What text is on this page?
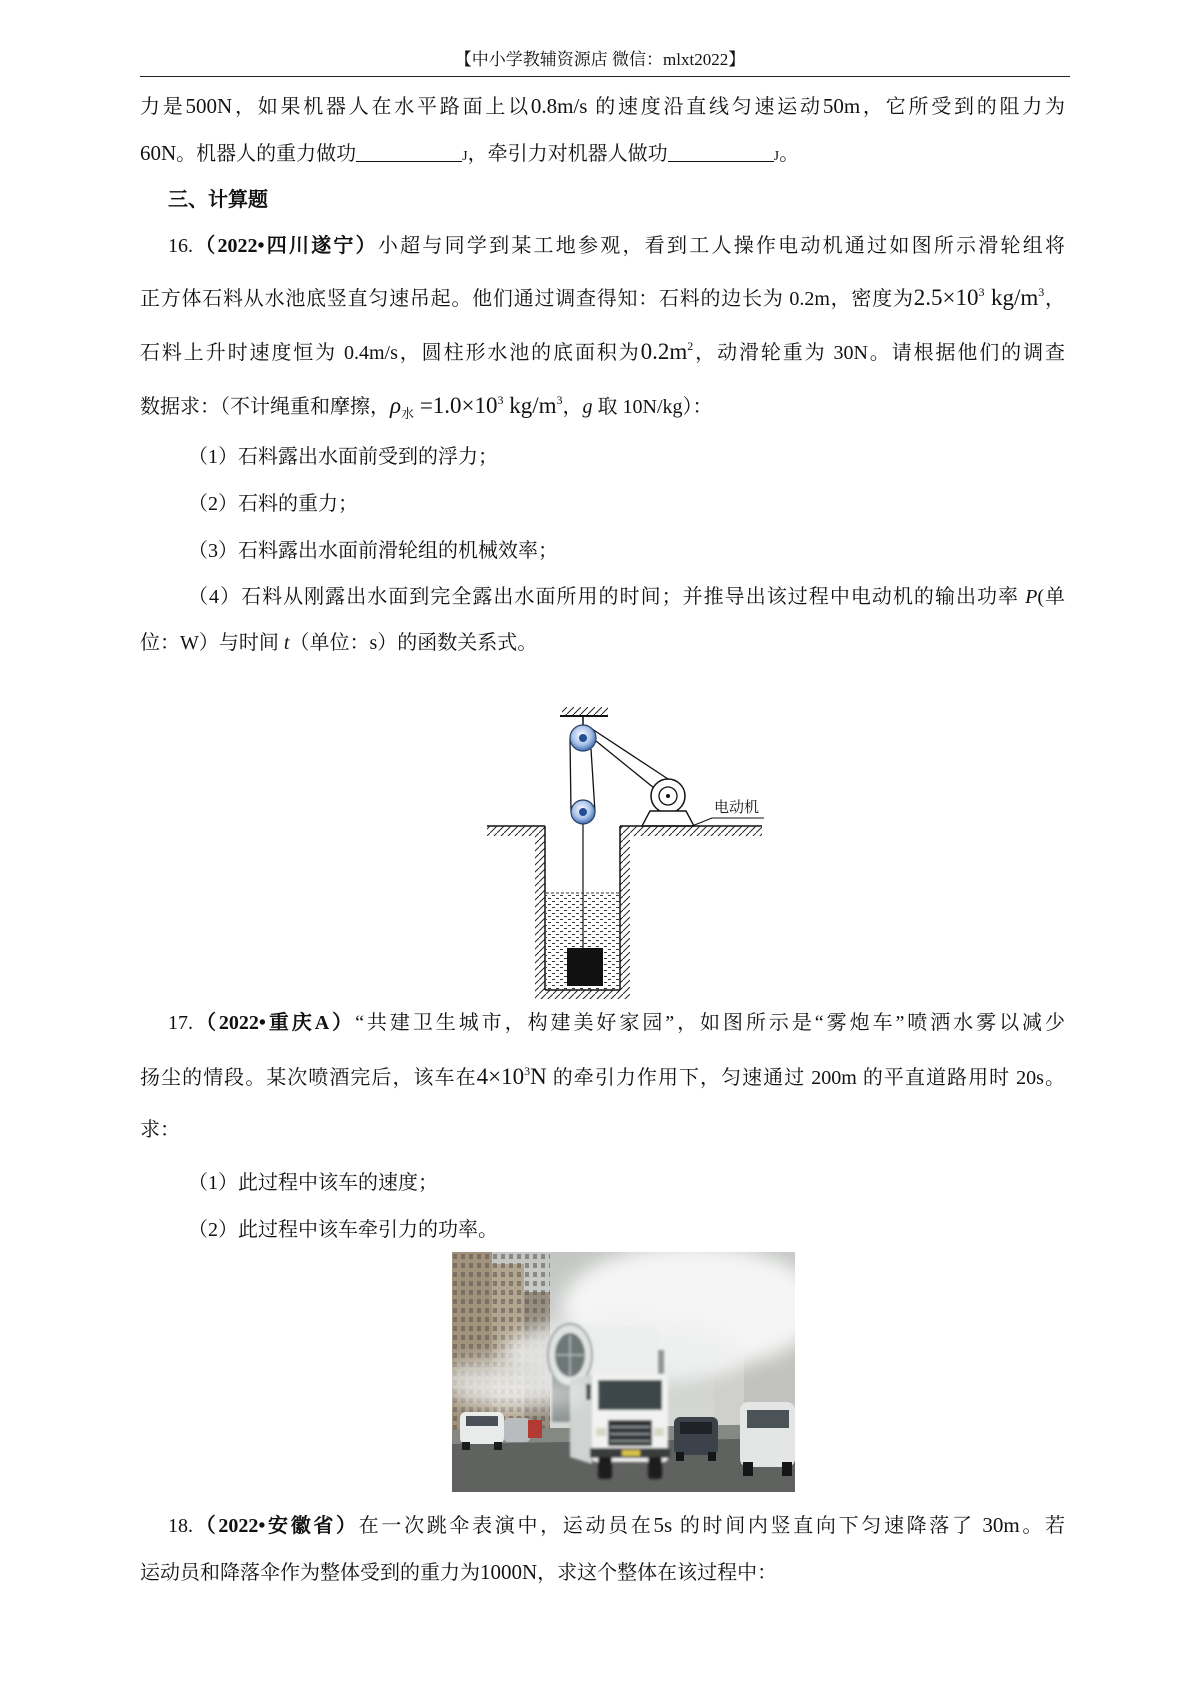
【中小学教辅资源店 微信：mlxt2022】
力是500N，如果机器人在水平路面上以0.8m/s 的速度沿直线匀速运动50m，它所受到的阻力为
60N。机器人的重力做功	J，牵引力对机器人做功	J。
三、计算题
16.（2022•四川遂宁）小超与同学到某工地参观，看到工人操作电动机通过如图所示滑轮组将
正方体石料从水池底竖直匀速吊起。他们通过调查得知：石料的边长为 0.2m，密度为$2.5\times 10^3$ $kg/m^3$，
石料上升时速度恒为 0.4m/s，圆柱形水池的底面积为$0.2m^2$，动滑轮重为 30N。请根据他们的调查
数据求：（不计绳重和摩擦，$\rho_水 =1.0\times 10^3$ $kg/m^3$，g 取 10N/kg）：
（1）石料露出水面前受到的浮力；
（2）石料的重力；
（3）石料露出水面前滑轮组的机械效率；
（4）石料从刚露出水面到完全露出水面所用的时间；并推导出该过程中电动机的输出功率 P(单
位：W）与时间 t（单位：s）的函数关系式。
电动机
17.（2022•重庆A）“共建卫生城市，构建美好家园”，如图所示是“雾炮车”喷洒水雾以减少
扬尘的情段。某次喷酒完后，该车在$4\times 10^3N$ 的牵引力作用下，匀速通过 200m 的平直道路用时 20s。
求：
（1）此过程中该车的速度；
（2）此过程中该车牵引力的功率。
18.（2022•安徽省）在一次跳伞表演中，运动员在5s 的时间内竖直向下匀速降落了 30m。若
运动员和降落伞作为整体受到的重力为1000N，求这个整体在该过程中：
